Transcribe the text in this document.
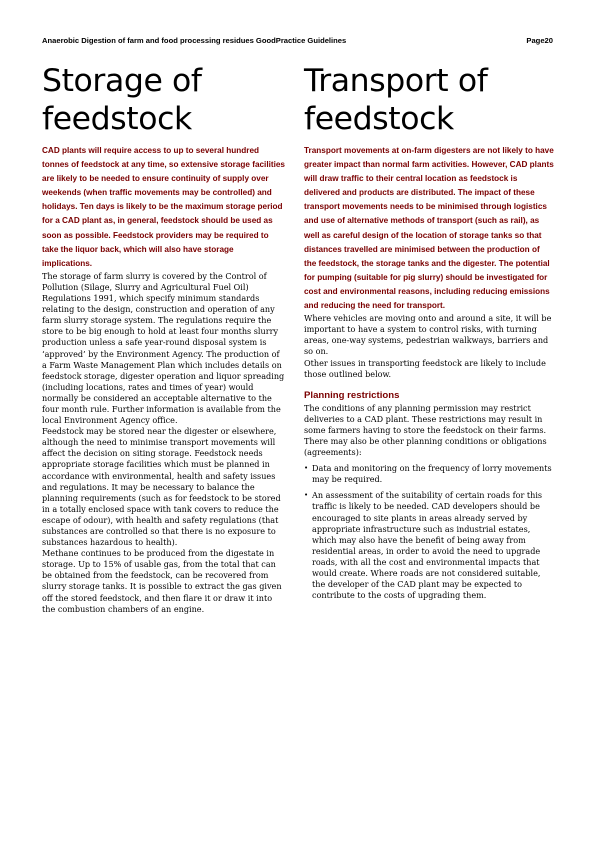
Anaerobic Digestion of farm and food processing residues GoodPractice Guidelines	Page20
Storage of feedstock

CAD plants will require access to up to several hundred tonnes of feedstock at any time, so extensive storage facilities are likely to be needed to ensure continuity of supply over weekends (when traffic movements may be controlled) and holidays. Ten days is likely to be the maximum storage period for a CAD plant as, in general, feedstock should be used as soon as possible. Feedstock providers may be required to take the liquor back, which will also have storage implications.

The storage of farm slurry is covered by the Control of Pollution (Silage, Slurry and Agricultural Fuel Oil) Regulations 1991, which specify minimum standards relating to the design, construction and operation of any farm slurry storage system. The regulations require the store to be big enough to hold at least four months slurry production unless a safe year-round disposal system is ‘approved’ by the Environment Agency. The production of a Farm Waste Management Plan which includes details on feedstock storage, digester operation and liquor spreading (including locations, rates and times of year) would normally be considered an acceptable alternative to the four month rule. Further information is available from the local Environment Agency office.

Feedstock may be stored near the digester or elsewhere, although the need to minimise transport movements will affect the decision on siting storage. Feedstock needs appropriate storage facilities which must be planned in accordance with environmental, health and safety issues and regulations. It may be necessary to balance the planning requirements (such as for feedstock to be stored in a totally enclosed space with tank covers to reduce the escape of odour), with health and safety regulations (that substances are controlled so that there is no exposure to substances hazardous to health).

Methane continues to be produced from the digestate in storage. Up to 15% of usable gas, from the total that can be obtained from the feedstock, can be recovered from slurry storage tanks. It is possible to extract the gas given off the stored feedstock, and then flare it or draw it into the combustion chambers of an engine.

Transport of feedstock

Transport movements at on-farm digesters are not likely to have greater impact than normal farm activities. However, CAD plants will draw traffic to their central location as feedstock is delivered and products are distributed. The impact of these transport movements needs to be minimised through logistics and use of alternative methods of transport (such as rail), as well as careful design of the location of storage tanks so that distances travelled are minimised between the production of the feedstock, the storage tanks and the digester. The potential for pumping (suitable for pig slurry) should be investigated for cost and environmental reasons, including reducing emissions and reducing the need for transport.

Where vehicles are moving onto and around a site, it will be important to have a system to control risks, with turning areas, one-way systems, pedestrian walkways, barriers and so on.

Other issues in transporting feedstock are likely to include those outlined below.

Planning restrictions

The conditions of any planning permission may restrict deliveries to a CAD plant. These restrictions may result in some farmers having to store the feedstock on their farms. There may also be other planning conditions or obligations (agreements):

• Data and monitoring on the frequency of lorry movements may be required.
• An assessment of the suitability of certain roads for this traffic is likely to be needed. CAD developers should be encouraged to site plants in areas already served by appropriate infrastructure such as industrial estates, which may also have the benefit of being away from residential areas, in order to avoid the need to upgrade roads, with all the cost and environmental impacts that would create. Where roads are not considered suitable, the developer of the CAD plant may be expected to contribute to the costs of upgrading them.
